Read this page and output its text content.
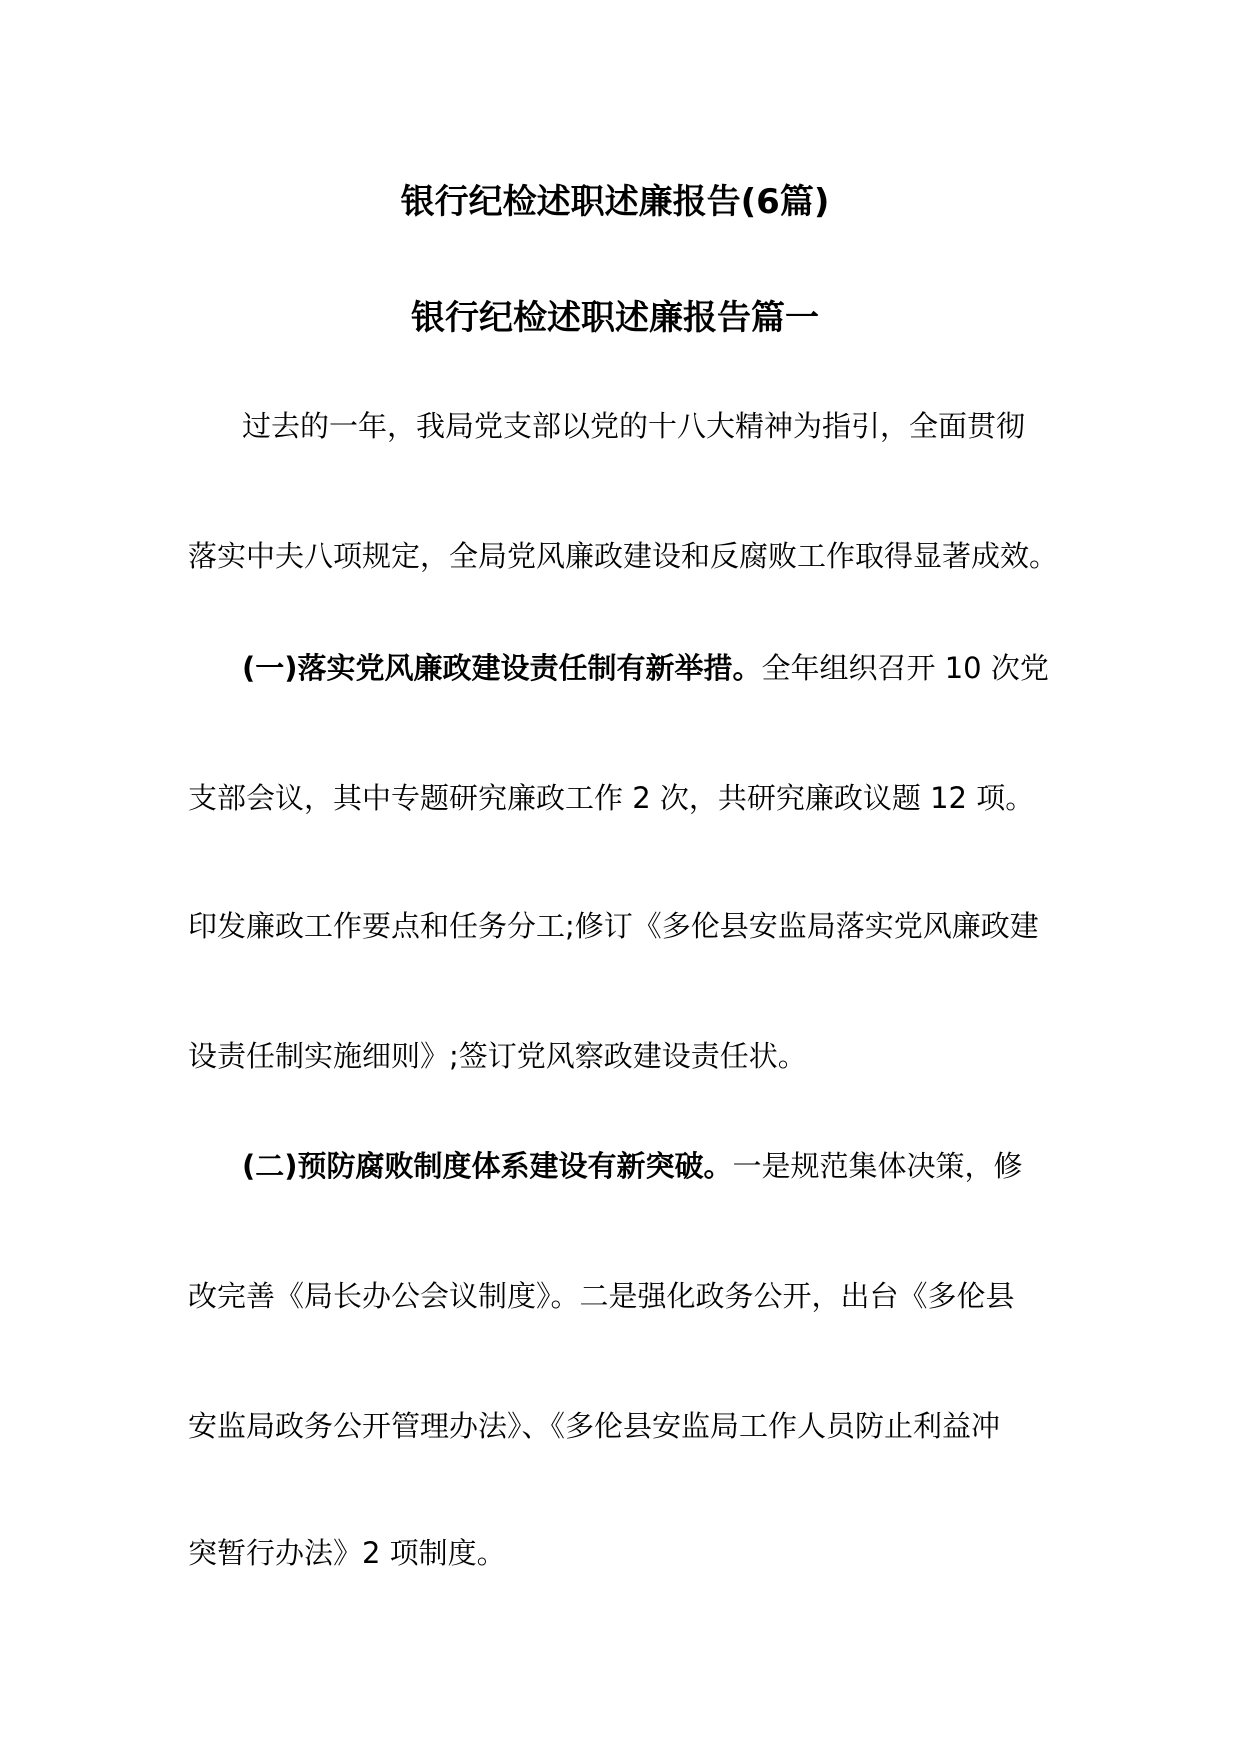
银行纪检述职述廉报告(6篇)
银行纪检述职述廉报告篇一
过去的一年，我局党支部以党的十八大精神为指引，全面贯彻
落实中夫八项规定，全局党风廉政建设和反腐败工作取得显著成效。
(一)落实党风廉政建设责任制有新举措。全年组织召开 10 次党
支部会议，其中专题研究廉政工作 2 次，共研究廉政议题 12 项。
印发廉政工作要点和任务分工;修订《多伦县安监局落实党风廉政建
设责任制实施细则》;签订党风察政建设责任状。
(二)预防腐败制度体系建设有新突破。一是规范集体决策，修
改完善《局长办公会议制度》。二是强化政务公开，出台《多伦县
安监局政务公开管理办法》、《多伦县安监局工作人员防止利益冲
突暂行办法》2 项制度。
